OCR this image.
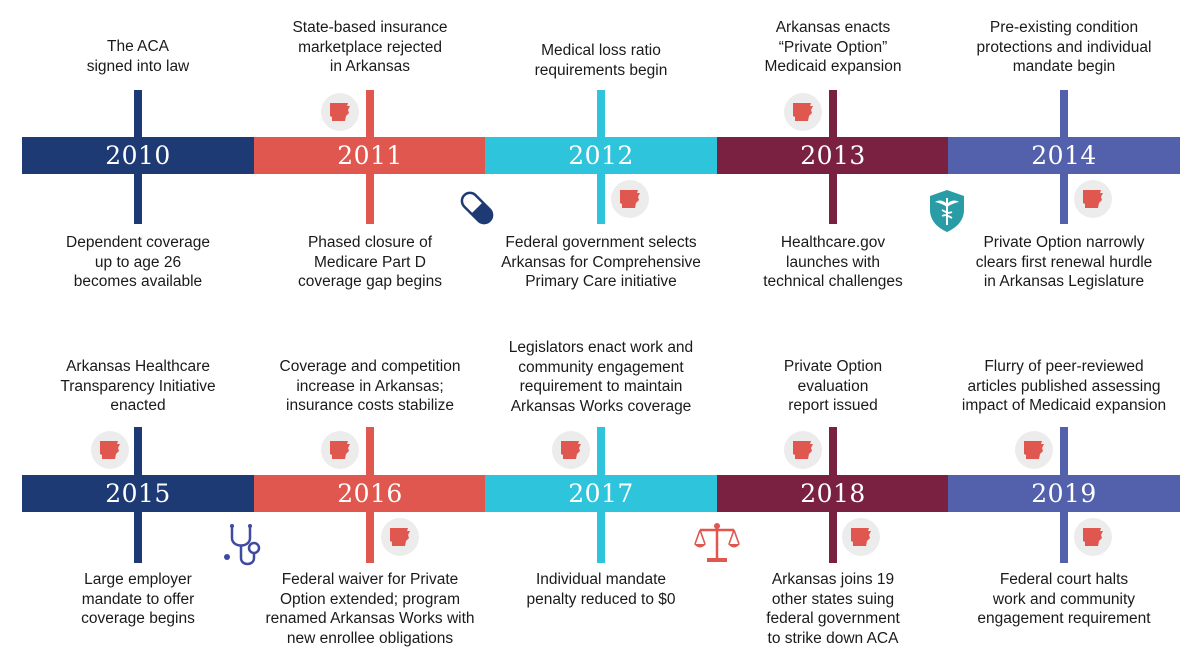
2010	2011	2012	2013	2014
The ACA
signed into law
State-based insurance
marketplace rejected
in Arkansas
Medical loss ratio
requirements begin
Arkansas enacts
“Private Option”
Medicaid expansion
Pre-existing condition
protections and individual
mandate begin
Dependent coverage
up to age 26
becomes available
Phased closure of
Medicare Part D
coverage gap begins
Federal government selects
Arkansas for Comprehensive
Primary Care initiative
Healthcare.gov
launches with
technical challenges
Private Option narrowly
clears first renewal hurdle
in Arkansas Legislature
2015	2016	2017	2018	2019
Arkansas Healthcare
Transparency Initiative
enacted
Coverage and competition
increase in Arkansas;
insurance costs stabilize
Legislators enact work and
community engagement
requirement to maintain
Arkansas Works coverage
Private Option
evaluation
report issued
Flurry of peer-reviewed
articles published assessing
impact of Medicaid expansion
Large employer
mandate to offer
coverage begins
Federal waiver for Private
Option extended; program
renamed Arkansas Works with
new enrollee obligations
Individual mandate
penalty reduced to $0
Arkansas joins 19
other states suing
federal government
to strike down ACA
Federal court halts
work and community
engagement requirement
